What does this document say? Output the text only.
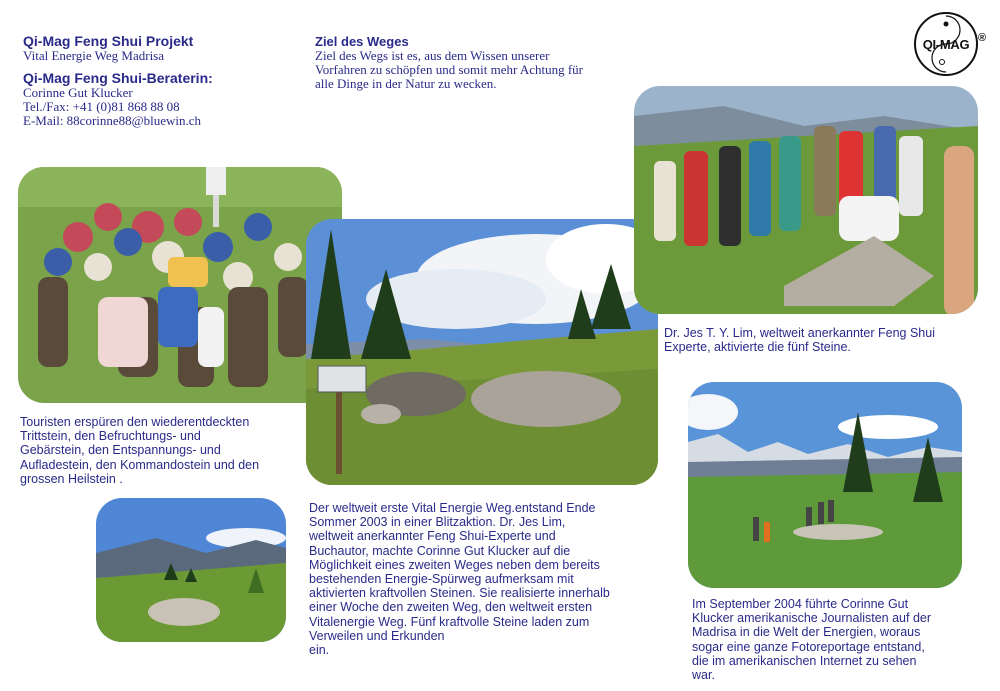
Qi-Mag Feng Shui Projekt
Vital Energie Weg Madrisa
Qi-Mag Feng Shui-Beraterin:
Corinne Gut Klucker
Tel./Fax: +41 (0)81 868 88 08
E-Mail: 88corinne88@bluewin.ch
Ziel des Weges
Ziel des Wegs ist es, aus dem Wissen unserer
Vorfahren zu schöpfen und somit mehr Achtung für
alle Dinge in der Natur zu wecken.
QI-MAG ®
Touristen erspüren den wiederentdeckten
Trittstein, den Befruchtungs- und
Gebärstein, den Entspannungs- und
Aufladestein, den Kommandostein und den
grossen Heilstein .
Dr. Jes T. Y. Lim, weltweit anerkannter Feng Shui
Experte, aktivierte die fünf Steine.
Der weltweit erste Vital Energie Weg.entstand Ende
Sommer 2003 in einer Blitzaktion. Dr. Jes Lim,
weltweit anerkannter Feng Shui-Experte und
Buchautor, machte Corinne Gut Klucker auf die
Möglichkeit eines zweiten Weges neben dem bereits
bestehenden Energie-Spürweg aufmerksam mit
aktivierten kraftvollen Steinen. Sie realisierte innerhalb
einer Woche den zweiten Weg, den weltweit ersten
Vitalenergie Weg. Fünf kraftvolle Steine laden zum
Verweilen und Erkunden
ein.
Im September 2004 führte Corinne Gut
Klucker amerikanische Journalisten auf der
Madrisa in die Welt der Energien, woraus
sogar eine ganze Fotoreportage entstand,
die im amerikanischen Internet zu sehen
war.
